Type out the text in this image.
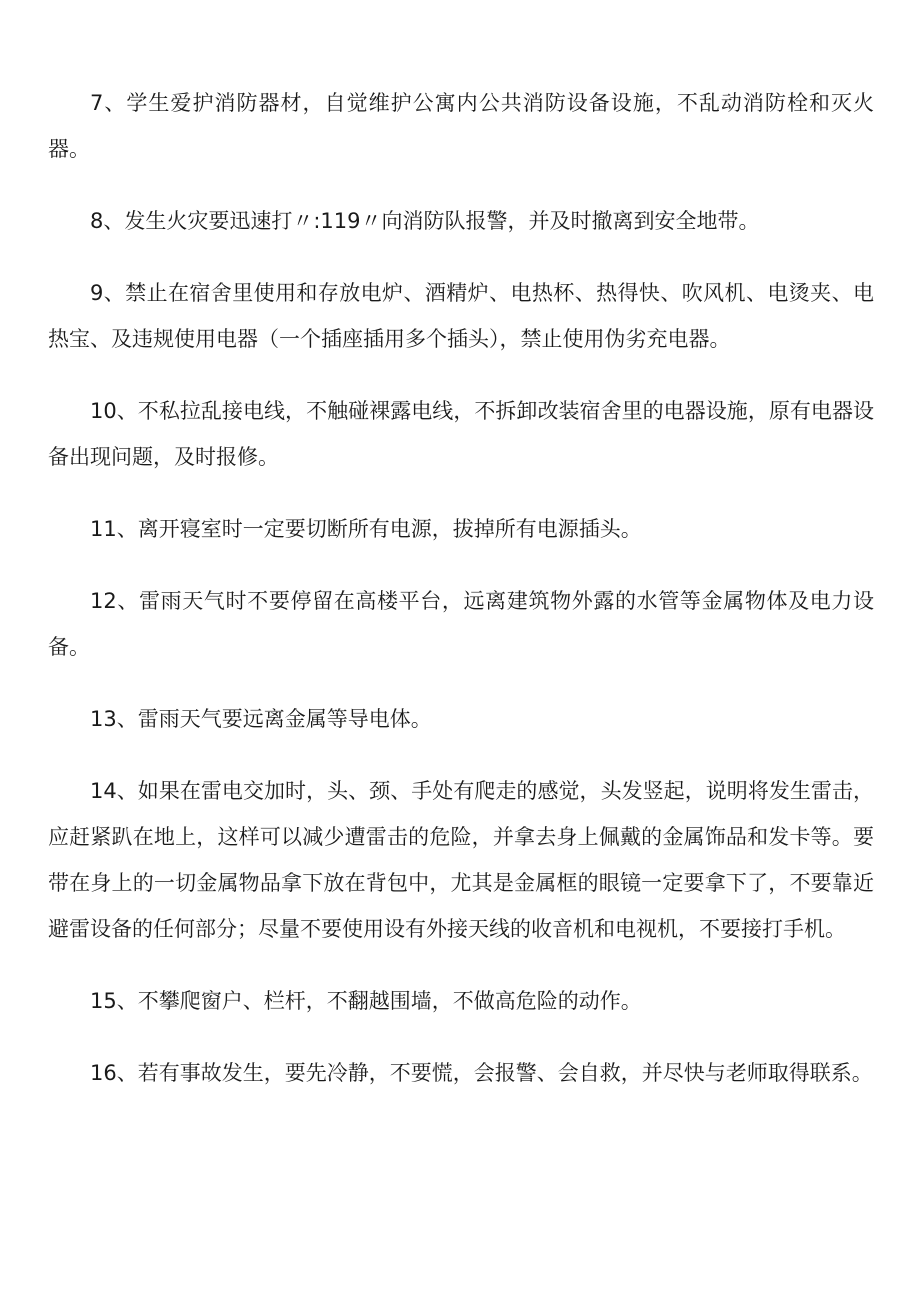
7、学生爱护消防器材，自觉维护公寓内公共消防设备设施，不乱动消防栓和灭火器。

8、发生火灾要迅速打〃:119〃向消防队报警，并及时撤离到安全地带。

9、禁止在宿舍里使用和存放电炉、酒精炉、电热杯、热得快、吹风机、电烫夹、电热宝、及违规使用电器（一个插座插用多个插头），禁止使用伪劣充电器。

10、不私拉乱接电线，不触碰裸露电线，不拆卸改装宿舍里的电器设施，原有电器设备出现问题，及时报修。

11、离开寝室时一定要切断所有电源，拔掉所有电源插头。

12、雷雨天气时不要停留在高楼平台，远离建筑物外露的水管等金属物体及电力设备。

13、雷雨天气要远离金属等导电体。

14、如果在雷电交加时，头、颈、手处有爬走的感觉，头发竖起，说明将发生雷击，应赶紧趴在地上，这样可以减少遭雷击的危险，并拿去身上佩戴的金属饰品和发卡等。要带在身上的一切金属物品拿下放在背包中，尤其是金属框的眼镜一定要拿下了，不要靠近避雷设备的任何部分；尽量不要使用设有外接天线的收音机和电视机，不要接打手机。

15、不攀爬窗户、栏杆，不翻越围墙，不做高危险的动作。

16、若有事故发生，要先冷静，不要慌，会报警、会自救，并尽快与老师取得联系。
